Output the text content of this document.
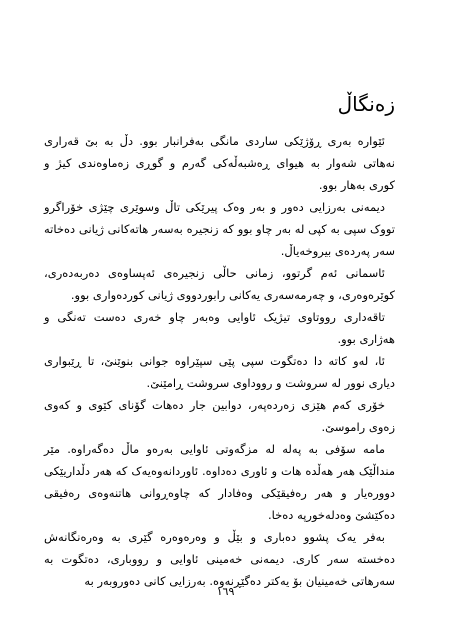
زەنگاڵ

ئێوارە بەری ڕۆژێکی ساردی مانگی بەفرانبار بوو. دڵ بە بێ قەراری نەهاتی شەوار بە هیوای ڕەشبەڵەکی گەرم و گوڕی زەماوەندی کیژ و کوری بەهار بوو.

دیمەنی بەرزایی دەور و بەر وەک پیرێکی تاڵ وسوێری چێژی خۆراگرو تووک سپی بە کپی لە بەر چاو بوو کە زنجیرە بەسەر هاتەکانی ژیانی دەخاتە سەر پەردەی بیروخەیاڵ.

ئاسمانی ئەم گرتوو، زمانی حاڵی زنجیرەی ئەپساوەی دەربەدەری، کوێرەوەری، و چەرمەسەری یەکانی رابوردووی ژیانی کوردەواری بوو.

تاقەداری رووتاوی تیژیک ئاوایی وەبەر چاو خەری دەست تەنگی و هەژاری بوو.

ئا، لەو کاتە دا دەتگوت سپی پێی سپێراوە جوانی بنوێنێ، تا ڕێبواری دیاری نوور لە سروشت و رووداوی سروشت ڕامێنێ.

خۆری کەم هێزی زەردەپەر، دوابین جار دەهات گۆنای کێوی و کەوی زەوی راموسێ.

مامە سۆفی بە پەلە لە مزگەوتی ئاوایی بەرەو ماڵ دەگەراوە. مێر منداڵێک هەر هەڵدە هات و ئاوری دەداوە. ئاوردانەوەیەک کە هەر دڵداریێکی دوورەیار و هەر رەفیقێکی وەفادار کە چاوەڕوانی هاتنەوەی رەفیقی دەکێشێ وەدلەخورپە دەخا.

بەفر یەک پشوو دەباری و بێڵ و وەرەوەرە گێری بە وەرەنگانەش دەخستە سەر کاری. دیمەنی خەمینی ئاوایی و رووباری، دەتگوت بە سەرهاتی خەمینیان بۆ یەکتر دەگێڕنەوە. بەرزایی کانی دەوروبەر بە

١٦٩
